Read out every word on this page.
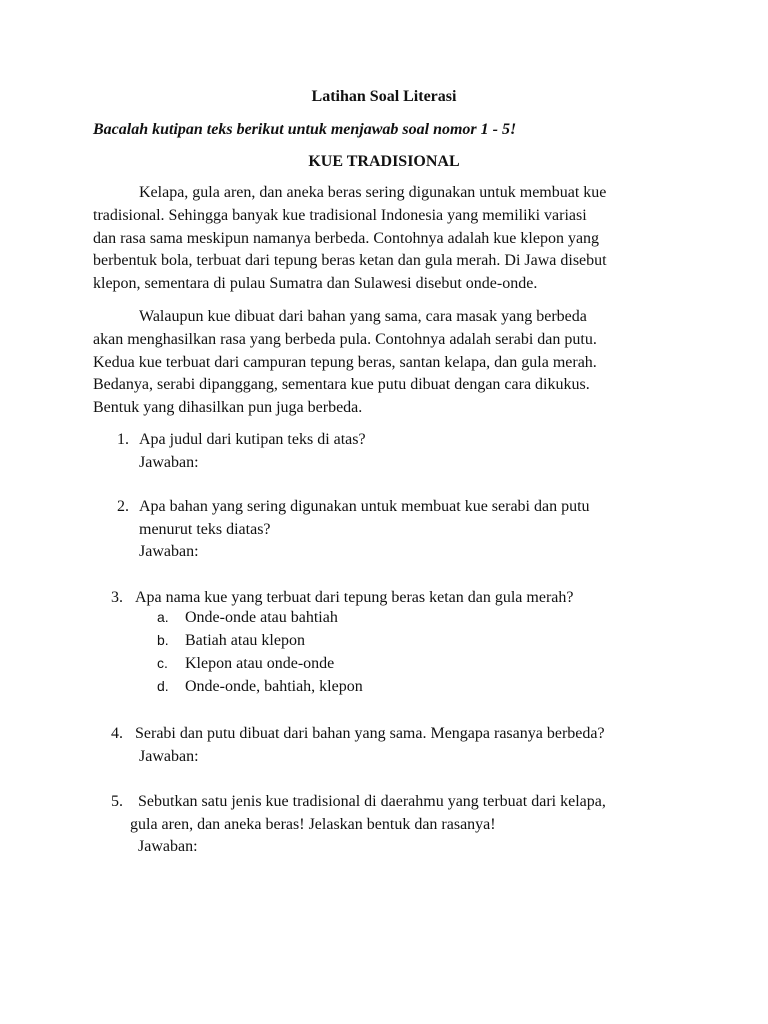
Latihan Soal Literasi
Bacalah kutipan teks berikut untuk menjawab soal nomor 1 - 5!
KUE TRADISIONAL

Kelapa, gula aren, dan aneka beras sering digunakan untuk membuat kue
tradisional. Sehingga banyak kue tradisional Indonesia yang memiliki variasi
dan rasa sama meskipun namanya berbeda. Contohnya adalah kue klepon yang
berbentuk bola, terbuat dari tepung beras ketan dan gula merah. Di Jawa disebut
klepon, sementara di pulau Sumatra dan Sulawesi disebut onde-onde.

Walaupun kue dibuat dari bahan yang sama, cara masak yang berbeda
akan menghasilkan rasa yang berbeda pula. Contohnya adalah serabi dan putu.
Kedua kue terbuat dari campuran tepung beras, santan kelapa, dan gula merah.
Bedanya, serabi dipanggang, sementara kue putu dibuat dengan cara dikukus.
Bentuk yang dihasilkan pun juga berbeda.

1. Apa judul dari kutipan teks di atas?
Jawaban:
2. Apa bahan yang sering digunakan untuk membuat kue serabi dan putu
menurut teks diatas?
Jawaban:
3. Apa nama kue yang terbuat dari tepung beras ketan dan gula merah?
a. Onde-onde atau bahtiah
b. Batiah atau klepon
c. Klepon atau onde-onde
d. Onde-onde, bahtiah, klepon
4. Serabi dan putu dibuat dari bahan yang sama. Mengapa rasanya berbeda?
Jawaban:
5. Sebutkan satu jenis kue tradisional di daerahmu yang terbuat dari kelapa,
gula aren, dan aneka beras! Jelaskan bentuk dan rasanya!
Jawaban:
